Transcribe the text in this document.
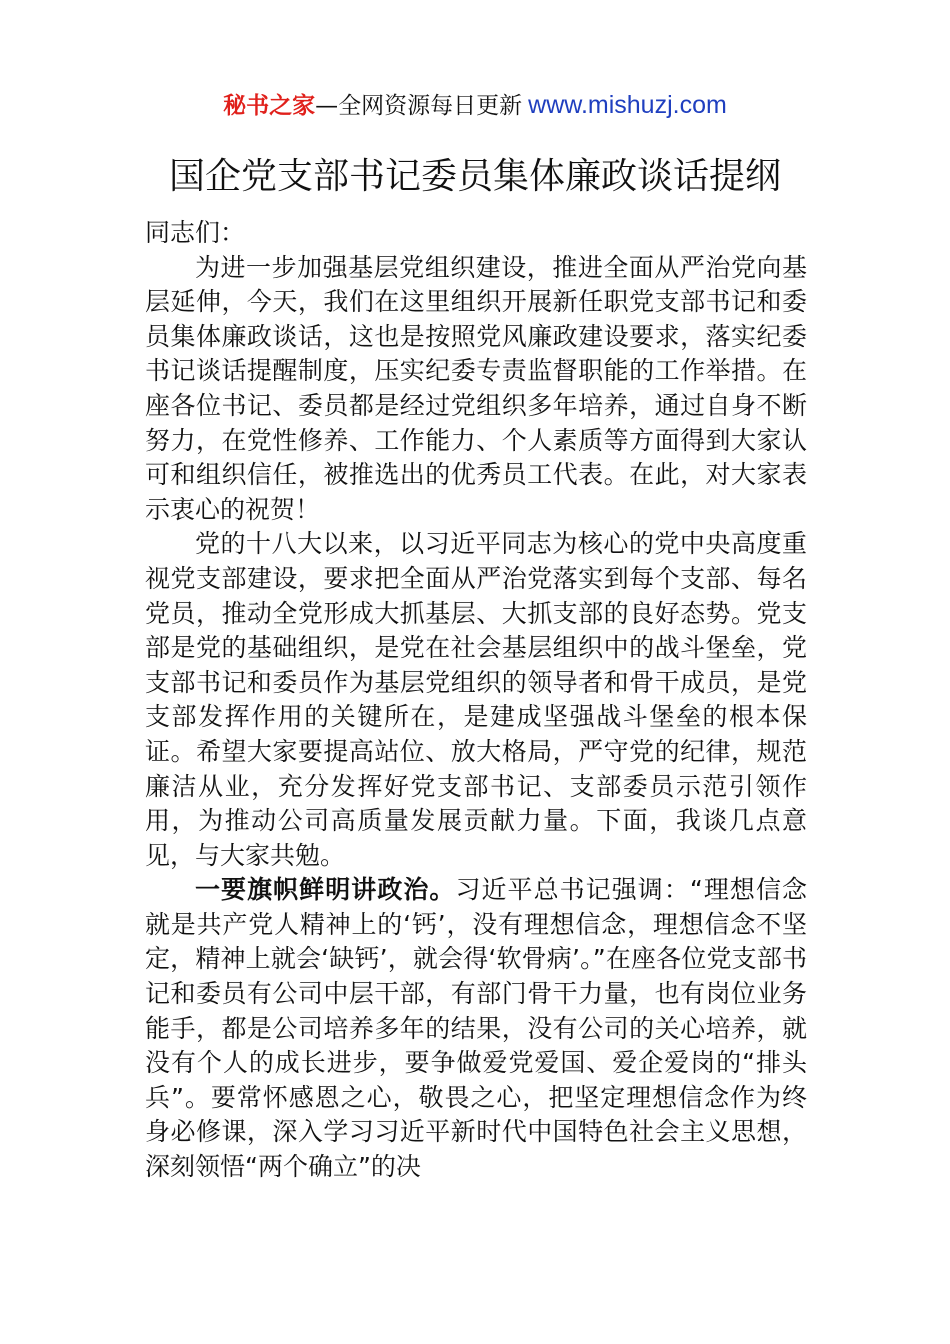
秘书之家—全网资源每日更新 www.mishuzj.com
国企党支部书记委员集体廉政谈话提纲

同志们：

为进一步加强基层党组织建设，推进全面从严治党向基层延伸，今天，我们在这里组织开展新任职党支部书记和委员集体廉政谈话，这也是按照党风廉政建设要求，落实纪委书记谈话提醒制度，压实纪委专责监督职能的工作举措。在座各位书记、委员都是经过党组织多年培养，通过自身不断努力，在党性修养、工作能力、个人素质等方面得到大家认可和组织信任，被推选出的优秀员工代表。在此，对大家表示衷心的祝贺！

党的十八大以来，以习近平同志为核心的党中央高度重视党支部建设，要求把全面从严治党落实到每个支部、每名党员，推动全党形成大抓基层、大抓支部的良好态势。党支部是党的基础组织，是党在社会基层组织中的战斗堡垒，党支部书记和委员作为基层党组织的领导者和骨干成员，是党支部发挥作用的关键所在，是建成坚强战斗堡垒的根本保证。希望大家要提高站位、放大格局，严守党的纪律，规范廉洁从业，充分发挥好党支部书记、支部委员示范引领作用，为推动公司高质量发展贡献力量。下面，我谈几点意见，与大家共勉。

一要旗帜鲜明讲政治。习近平总书记强调：“理想信念就是共产党人精神上的‘钙’，没有理想信念，理想信念不坚定，精神上就会‘缺钙’，就会得‘软骨病’。”在座各位党支部书记和委员有公司中层干部，有部门骨干力量，也有岗位业务能手，都是公司培养多年的结果，没有公司的关心培养，就没有个人的成长进步，要争做爱党爱国、爱企爱岗的“排头兵”。要常怀感恩之心，敬畏之心，把坚定理想信念作为终身必修课，深入学习习近平新时代中国特色社会主义思想，深刻领悟“两个确立”的决
